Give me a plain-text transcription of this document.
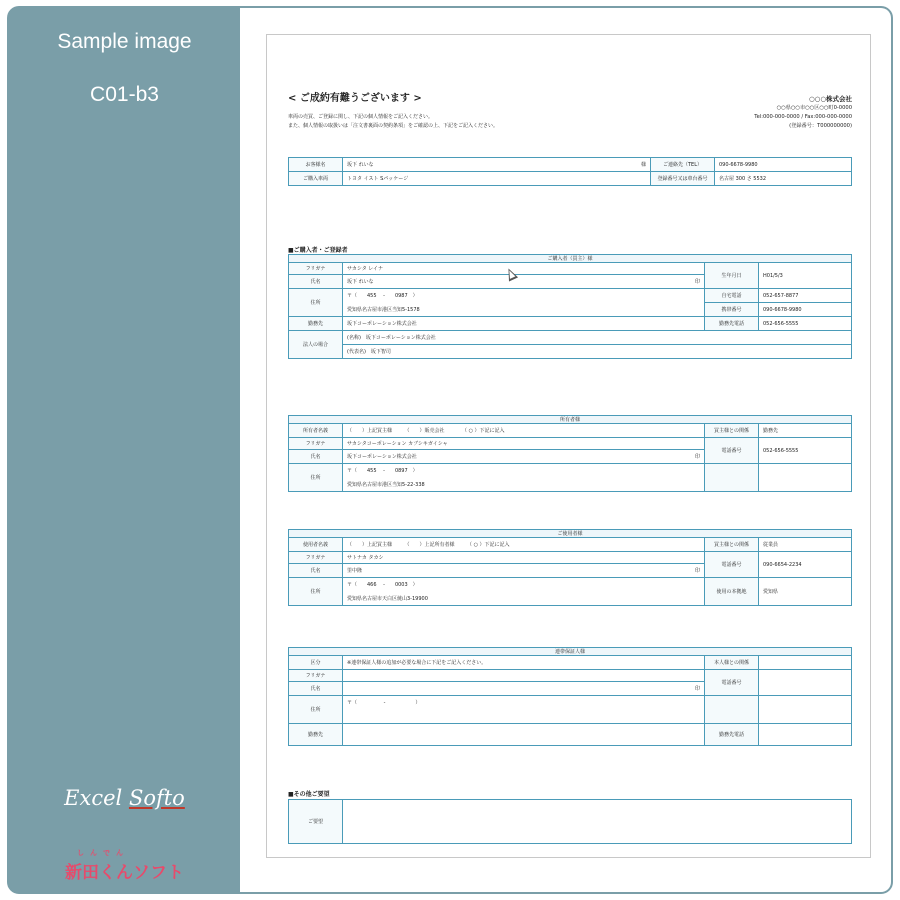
Sample image
C01-b3
Excel Softo
しんでん
新田くんソフト
< ご成約有難うございます >
車両の売買、ご登録に関し、下記の個人情報をご記入ください。
また、個人情報の取扱いは「注文書裏面の契約条項」をご確認の上、下記をご記入ください。
○○○株式会社
○○県○○市○○区○○町0-0000
Tel:000-000-0000 / Fax:000-000-0000
(登録番号：T000000000)
お客様名	坂下 れいな 様	ご連絡先（TEL）	090-6678-9980
ご購入車両	トヨタ イスト Sパッケージ	登録番号又は車台番号	名古屋 300 さ 5532
■ご購入者・ご登録者
ご購入者（買主）様			
フリガナ	サカシタ レイナ	生年月日	H01/5/3
氏名	坂下 れいな 印		

住所	〒（　　455　 -　　0987　）	自宅電話	052-657-8877
	愛知県名古屋市港区当知5-1578	携帯番号	090-6678-9980
勤務先	坂下コーポレーション株式会社	勤務先電話	052-656-5555
法人の場合	(名称)　坂下コーポレーション株式会社		
	(代表名)　坂下智司		
所有者様			
所有者名義	（　　）上記買主様　　　（　　）販売会社　　　　（ ○ ）下記に記入	買主様との関係	勤務先
フリガナ	サカシタコーポレーション カブシキガイシャ	電話番号	052-656-5555
氏名	坂下コーポレーション株式会社 印		

住所	〒（　　455　 -　　0897　）		
	愛知県名古屋市港区当知5-22-338		
ご使用者様			
使用者名義	（　　）上記買主様　　　（　　）上記所有者様　　　（ ○ ）下記に記入	買主様との関係	従業員
フリガナ	サトナカ タカシ	電話番号	090-6654-2234
氏名	里中隆 印		

住所	〒（　　466　 -　　0003　）	使用の本拠地	愛知県
	愛知県名古屋市天白区焼山3-19900		
連帯保証人様			
区分	※連帯保証人様の追加が必要な場合に下記をご記入ください。	本人様との関係	
フリガナ		電話番号	
氏名	印		

住所	〒（　　　　　 -　　　　　　）		

勤務先		勤務先電話	
■その他ご要望
ご要望	
